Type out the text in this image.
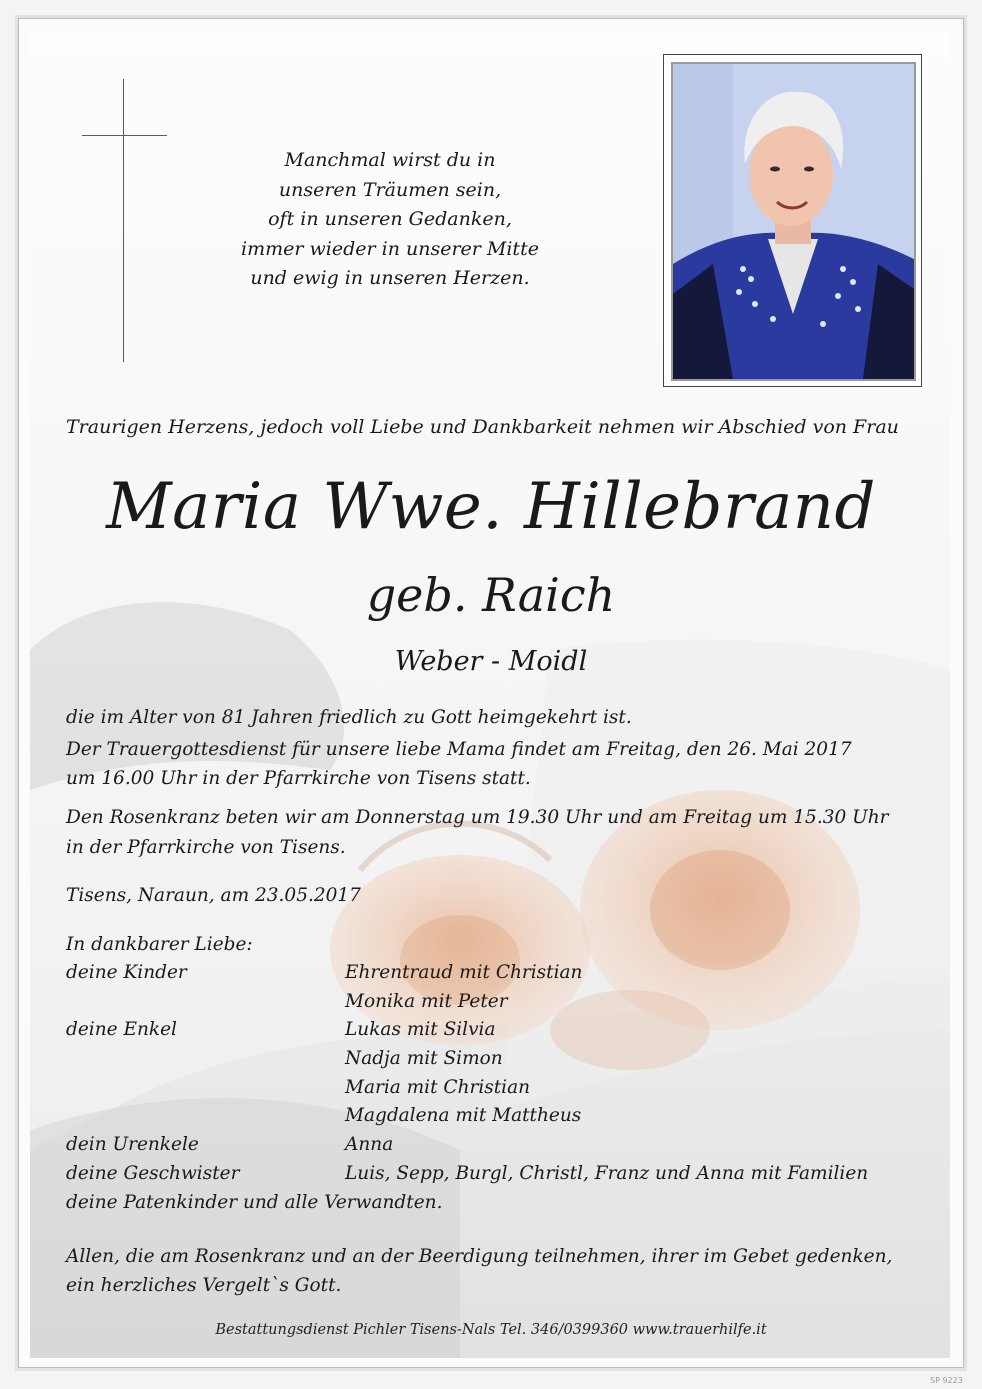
Manchmal wirst du in
unseren Träumen sein,
oft in unseren Gedanken,
immer wieder in unserer Mitte
und ewig in unseren Herzen.
Traurigen Herzens, jedoch voll Liebe und Dankbarkeit nehmen wir Abschied von Frau
Maria Wwe. Hillebrand
geb. Raich
Weber - Moidl
die im Alter von 81 Jahren friedlich zu Gott heimgekehrt ist.
Der Trauergottesdienst für unsere liebe Mama findet am Freitag, den 26. Mai 2017
um 16.00 Uhr in der Pfarrkirche von Tisens statt.
Den Rosenkranz beten wir am Donnerstag um 19.30 Uhr und am Freitag um 15.30 Uhr
in der Pfarrkirche von Tisens.
Tisens, Naraun, am 23.05.2017
In dankbarer Liebe:
deine Kinder	Ehrentraud mit Christian
Monika mit Peter
deine Enkel	Lukas mit Silvia
Nadja mit Simon
Maria mit Christian
Magdalena mit Mattheus
dein Urenkele	Anna
deine Geschwister	Luis, Sepp, Burgl, Christl, Franz und Anna mit Familien
deine Patenkinder und alle Verwandten.
Allen, die am Rosenkranz und an der Beerdigung teilnehmen, ihrer im Gebet gedenken,
ein herzliches Vergelt`s Gott.
Bestattungsdienst Pichler Tisens-Nals Tel. 346/0399360 www.trauerhilfe.it
SP 9223
